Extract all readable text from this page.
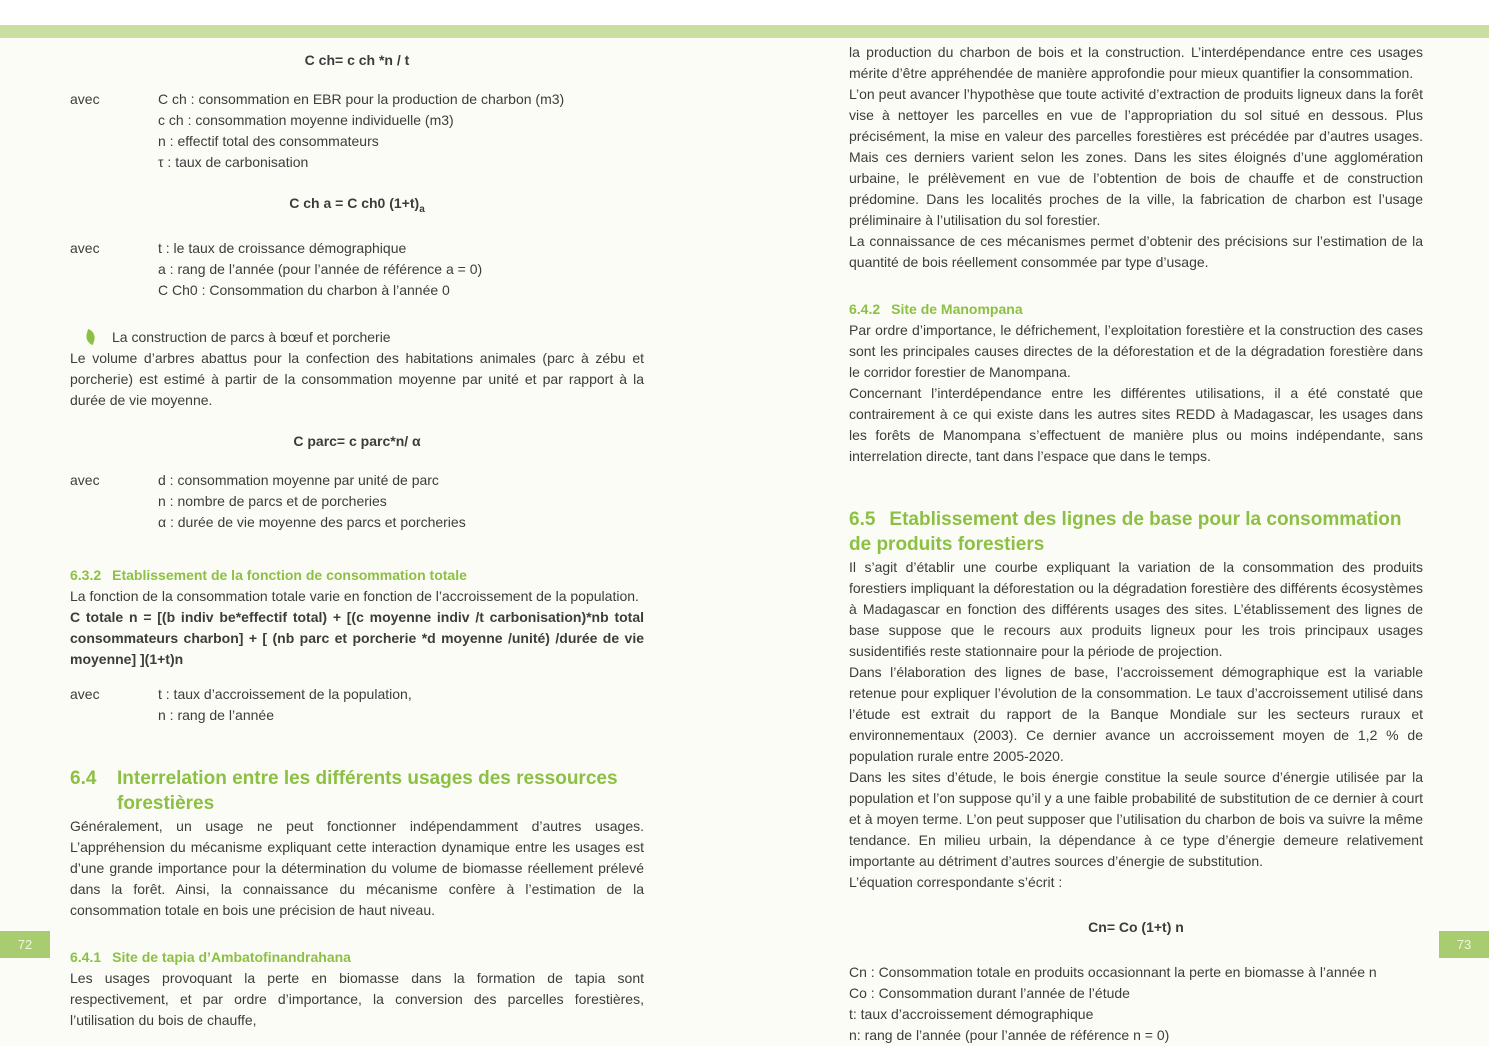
C ch= c ch *n / t
avec	C ch : consommation en EBR pour la production de charbon (m3)
c ch : consommation moyenne individuelle (m3)
n : effectif total des consommateurs
τ : taux de carbonisation
C ch a = C ch0 $(1+t)_a$
avec	t : le taux de croissance démographique
a : rang de l’année (pour l’année de référence a = 0)
C Ch0 : Consommation du charbon à l’année 0
La construction de parcs à bœuf et porcherie

Le volume d’arbres abattus pour la confection des habitations animales (parc à zébu et porcherie) est estimé à partir de la consommation moyenne par unité et par rapport à la durée de vie moyenne.

C parc= c parc*n/ α
avec	d : consommation moyenne par unité de parc
n : nombre de parcs et de porcheries
α : durée de vie moyenne des parcs et porcheries
6.3.2 Etablissement de la fonction de consommation totale

La fonction de la consommation totale varie en fonction de l’accroissement de la population.

C totale n = [(b indiv be*effectif total) + [(c moyenne indiv /t carbonisation)*nb total consommateurs charbon] + [ (nb parc et porcherie *d moyenne /unité) /durée de vie moyenne] ](1+t)n

avec	t : taux d’accroissement de la population,
n : rang de l’année
6.4	Interrelation entre les différents usages des ressources forestières

Généralement, un usage ne peut fonctionner indépendamment d’autres usages. L’appréhension du mécanisme expliquant cette interaction dynamique entre les usages est d’une grande importance pour la détermination du volume de biomasse réellement prélevé dans la forêt. Ainsi, la connaissance du mécanisme confère à l’estimation de la consommation totale en bois une précision de haut niveau.

6.4.1 Site de tapia d’Ambatofinandrahana

Les usages provoquant la perte en biomasse dans la formation de tapia sont respectivement, et par ordre d’importance, la conversion des parcelles forestières, l’utilisation du bois de chauffe,

la production du charbon de bois et la construction. L’interdépendance entre ces usages mérite d’être appréhendée de manière approfondie pour mieux quantifier la consommation.

L’on peut avancer l’hypothèse que toute activité d’extraction de produits ligneux dans la forêt vise à nettoyer les parcelles en vue de l’appropriation du sol situé en dessous. Plus précisément, la mise en valeur des parcelles forestières est précédée par d’autres usages. Mais ces derniers varient selon les zones. Dans les sites éloignés d’une agglomération urbaine, le prélèvement en vue de l’obtention de bois de chauffe et de construction prédomine. Dans les localités proches de la ville, la fabrication de charbon est l’usage préliminaire à l’utilisation du sol forestier.

La connaissance de ces mécanismes permet d’obtenir des précisions sur l’estimation de la quantité de bois réellement consommée par type d’usage.

6.4.2 Site de Manompana

Par ordre d’importance, le défrichement, l’exploitation forestière et la construction des cases sont les principales causes directes de la déforestation et de la dégradation forestière dans le corridor forestier de Manompana.

Concernant l’interdépendance entre les différentes utilisations, il a été constaté que contrairement à ce qui existe dans les autres sites REDD à Madagascar, les usages dans les forêts de Manompana s’effectuent de manière plus ou moins indépendante, sans interrelation directe, tant dans l’espace que dans le temps.

6.5 Etablissement des lignes de base pour la consommation de produits forestiers

Il s’agit d’établir une courbe expliquant la variation de la consommation des produits forestiers impliquant la déforestation ou la dégradation forestière des différents écosystèmes à Madagascar en fonction des différents usages des sites. L’établissement des lignes de base suppose que le recours aux produits ligneux pour les trois principaux usages susidentifiés reste stationnaire pour la période de projection.

Dans l’élaboration des lignes de base, l’accroissement démographique est la variable retenue pour expliquer l’évolution de la consommation. Le taux d’accroissement utilisé dans l’étude est extrait du rapport de la Banque Mondiale sur les secteurs ruraux et environnementaux (2003). Ce dernier avance un accroissement moyen de 1,2 % de population rurale entre 2005-2020.

Dans les sites d’étude, le bois énergie constitue la seule source d’énergie utilisée par la population et l’on suppose qu’il y a une faible probabilité de substitution de ce dernier à court et à moyen terme. L’on peut supposer que l’utilisation du charbon de bois va suivre la même tendance. En milieu urbain, la dépendance à ce type d’énergie demeure relativement importante au détriment d’autres sources d’énergie de substitution.

L’équation correspondante s’écrit :

Cn= Co (1+t) n
Cn : Consommation totale en produits occasionnant la perte en biomasse à l’année n
Co : Consommation durant l’année de l’étude
t: taux d’accroissement démographique
n: rang de l’année (pour l’année de référence n = 0)
72	73
